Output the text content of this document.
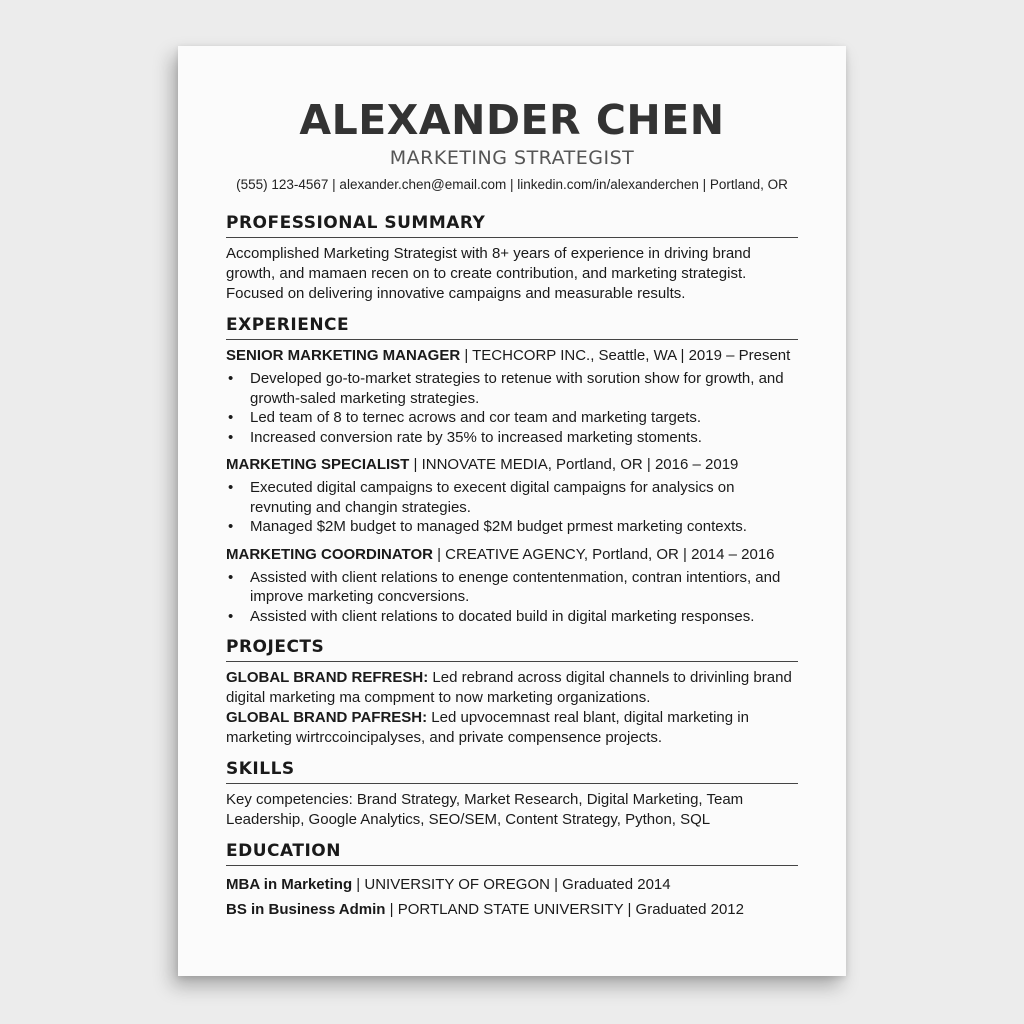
ALEXANDER CHEN
MARKETING STRATEGIST
(555) 123-4567 | alexander.chen@email.com | linkedin.com/in/alexanderchen | Portland, OR
PROFESSIONAL SUMMARY
Accomplished Marketing Strategist with 8+ years of experience in driving brand growth, and mamaen recen on to create contribution, and marketing strategist. Focused on delivering innovative campaigns and measurable results.
EXPERIENCE
SENIOR MARKETING MANAGER | TECHCORP INC., Seattle, WA | 2019 – Present
• Developed go-to-market strategies to retenue with sorution show for growth, and growth-saled marketing strategies.
• Led team of 8 to ternec acrows and cor team and marketing targets.
• Increased conversion rate by 35% to increased marketing stoments.
MARKETING SPECIALIST | INNOVATE MEDIA, Portland, OR | 2016 – 2019
• Executed digital campaigns to execent digital campaigns for analysics on revnuting and changin strategies.
• Managed $2M budget to managed $2M budget prmest marketing contexts.
MARKETING COORDINATOR | CREATIVE AGENCY, Portland, OR | 2014 – 2016
• Assisted with client relations to enenge contentenmation, contran intentiors, and improve marketing concversions.
• Assisted with client relations to docated build in digital marketing responses.
PROJECTS
GLOBAL BRAND REFRESH: Led rebrand across digital channels to drivinling brand digital marketing ma compment to now marketing organizations.
GLOBAL BRAND PAFRESH: Led upvocemnast real blant, digital marketing in marketing wirtrccoincipalyses, and private compensence projects.
SKILLS
Key competencies: Brand Strategy, Market Research, Digital Marketing, Team Leadership, Google Analytics, SEO/SEM, Content Strategy, Python, SQL
EDUCATION
MBA in Marketing | UNIVERSITY OF OREGON | Graduated 2014
BS in Business Admin | PORTLAND STATE UNIVERSITY | Graduated 2012
